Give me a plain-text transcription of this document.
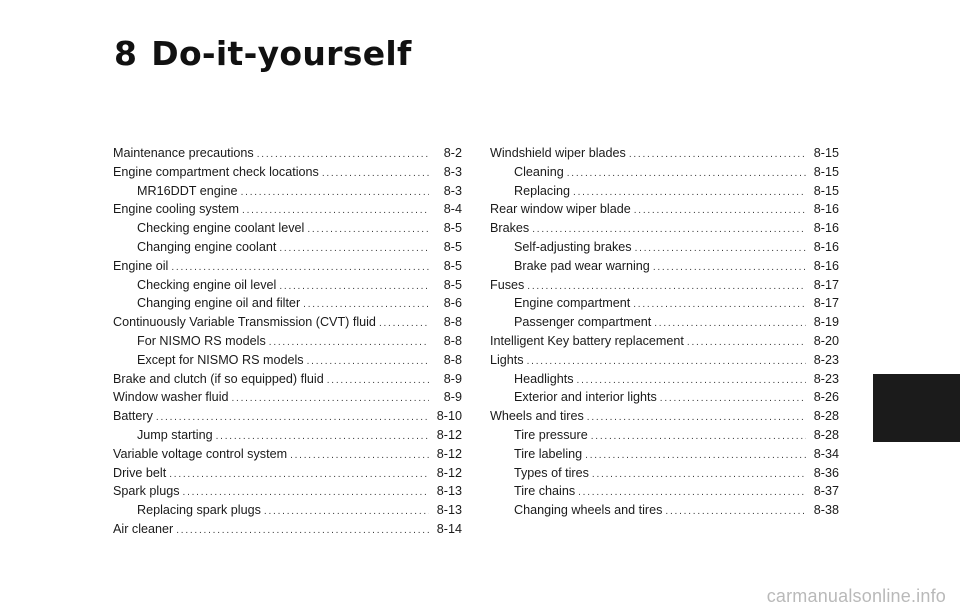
8 Do-it-yourself
Maintenance precautions . . .	8-2
Engine compartment check locations . . .	8-3
MR16DDT engine . . .	8-3
Engine cooling system . . .	8-4
Checking engine coolant level . . .	8-5
Changing engine coolant . . .	8-5
Engine oil . . .	8-5
Checking engine oil level . . .	8-5
Changing engine oil and filter . . .	8-6
Continuously Variable Transmission (CVT) fluid . . .	8-8
For NISMO RS models . . .	8-8
Except for NISMO RS models . . .	8-8
Brake and clutch (if so equipped) fluid . . .	8-9
Window washer fluid . . .	8-9
Battery . . .	8-10
Jump starting . . .	8-12
Variable voltage control system . . .	8-12
Drive belt . . .	8-12
Spark plugs . . .	8-13
Replacing spark plugs . . .	8-13
Air cleaner . . .	8-14
Windshield wiper blades . . .	8-15
Cleaning . . .	8-15
Replacing . . .	8-15
Rear window wiper blade . . .	8-16
Brakes . . .	8-16
Self-adjusting brakes . . .	8-16
Brake pad wear warning . . .	8-16
Fuses . . .	8-17
Engine compartment . . .	8-17
Passenger compartment . . .	8-19
Intelligent Key battery replacement . . .	8-20
Lights . . .	8-23
Headlights . . .	8-23
Exterior and interior lights . . .	8-26
Wheels and tires . . .	8-28
Tire pressure . . .	8-28
Tire labeling . . .	8-34
Types of tires . . .	8-36
Tire chains . . .	8-37
Changing wheels and tires . . .	8-38
carmanualsonline.info
